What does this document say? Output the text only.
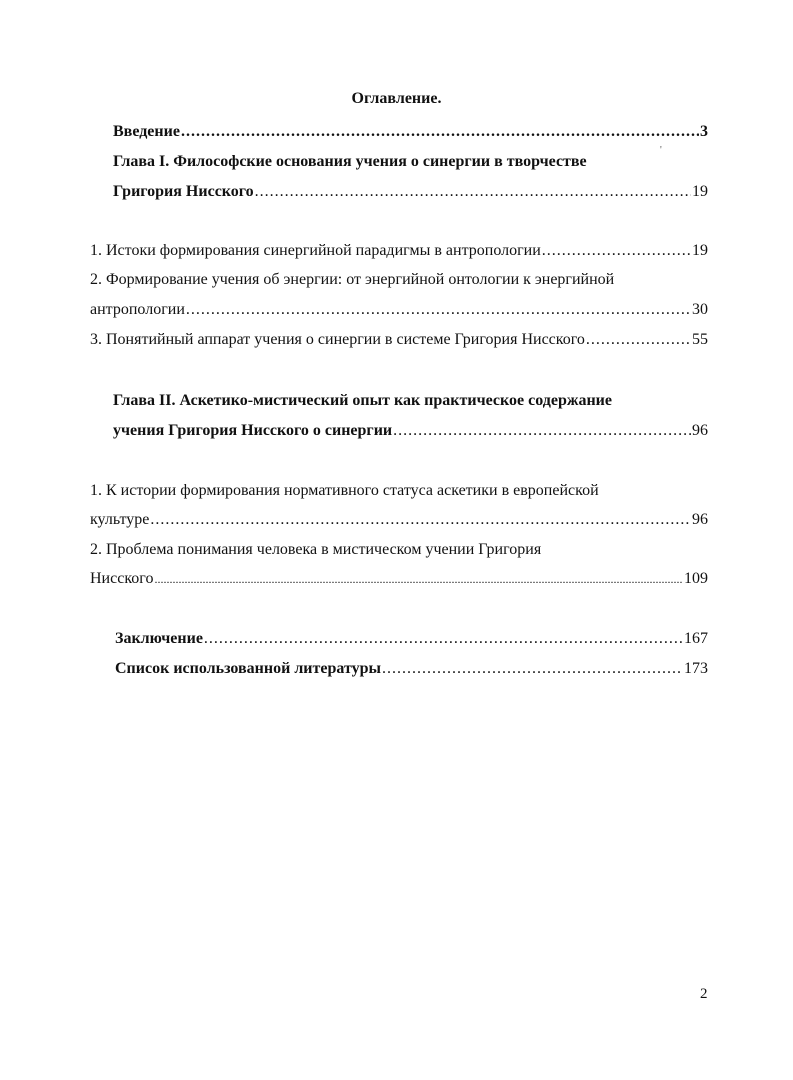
Оглавление.
Введение .....	3
'
Глава I. Философские основания учения о синергии в творчестве
Григория Нисского .....	19
1. Истоки формирования синергийной парадигмы в антропологии .....	19
2. Формирование учения об энергии: от энергийной онтологии к энергийной
антропологии .....	30
3. Понятийный аппарат учения о синергии в системе Григория Нисского .....	55
Глава II. Аскетико-мистический опыт как практическое содержание
учения Григория Нисского о синергии .....	96
1. К истории формирования нормативного статуса аскетики в европейской
культуре .....	96
2. Проблема понимания человека в мистическом учении Григория
Нисского .....	109
Заключение .....	167
Список использованной литературы .....	173
2
